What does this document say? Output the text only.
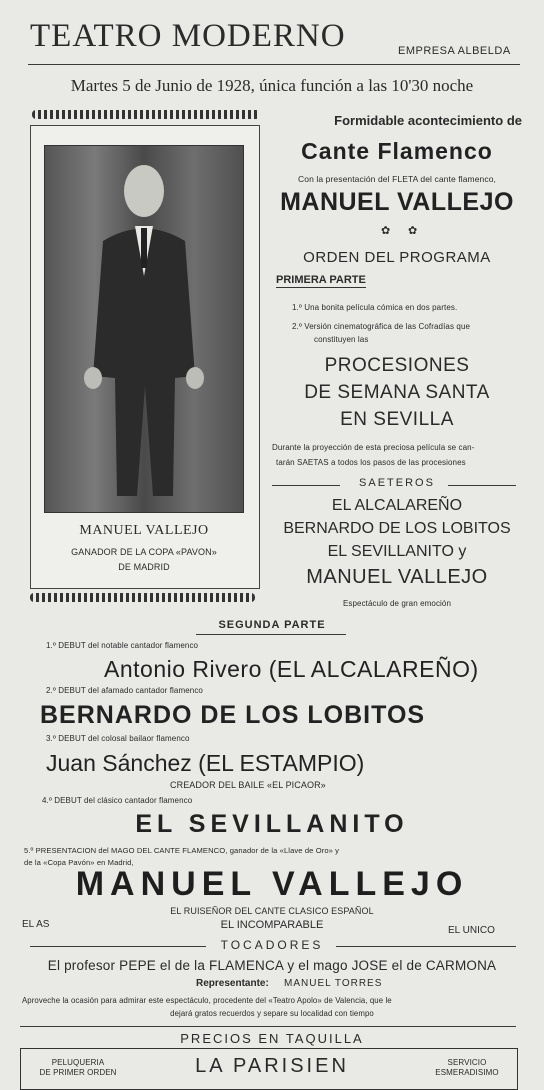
TEATRO MODERNO	EMPRESA ALBELDA
Martes 5 de Junio de 1928, única función a las 10'30 noche
MANUEL VALLEJO
GANADOR DE LA COPA «PAVON»
DE MADRID
Formidable acontecimiento de
Cante Flamenco
Con la presentación del FLETA del cante flamenco,
MANUEL VALLEJO
✿ ✿
ORDEN DEL PROGRAMA
PRIMERA PARTE
1.º Una bonita película cómica en dos partes.
2.º Versión cinematográfica de las Cofradías que
constituyen las
PROCESIONES
DE SEMANA SANTA
EN SEVILLA
Durante la proyección de esta preciosa película se can-
tarán SAETAS a todos los pasos de las procesiones
SAETEROS
EL ALCALAREÑO
BERNARDO DE LOS LOBITOS
EL SEVILLANITO y
MANUEL VALLEJO
Espectáculo de gran emoción
SEGUNDA PARTE
1.º DEBUT del notable cantador flamenco
Antonio Rivero (EL ALCALAREÑO)
2.º DEBUT del afamado cantador flamenco
BERNARDO DE LOS LOBITOS
3.º DEBUT del colosal bailaor flamenco
Juan Sánchez (EL ESTAMPIO)
CREADOR DEL BAILE «EL PICAOR»
4.º DEBUT del clásico cantador flamenco
EL SEVILLANITO
5.º PRESENTACION del MAGO DEL CANTE FLAMENCO, ganador de la «Llave de Oro» y
de la «Copa Pavón» en Madrid,
MANUEL VALLEJO
EL RUISEÑOR DEL CANTE CLASICO ESPAÑOL
EL AS	EL INCOMPARABLE	EL UNICO
TOCADORES
El profesor PEPE el de la FLAMENCA y el mago JOSE el de CARMONA
Representante: MANUEL TORRES
Aproveche la ocasión para admirar este espectáculo, procedente del «Teatro Apolo» de Valencia, que le
dejará gratos recuerdos y separe su localidad con tiempo
PRECIOS EN TAQUILLA
PELUQUERIA
DE PRIMER ORDEN	LA PARISIEN	SERVICIO
ESMERADISIMO
